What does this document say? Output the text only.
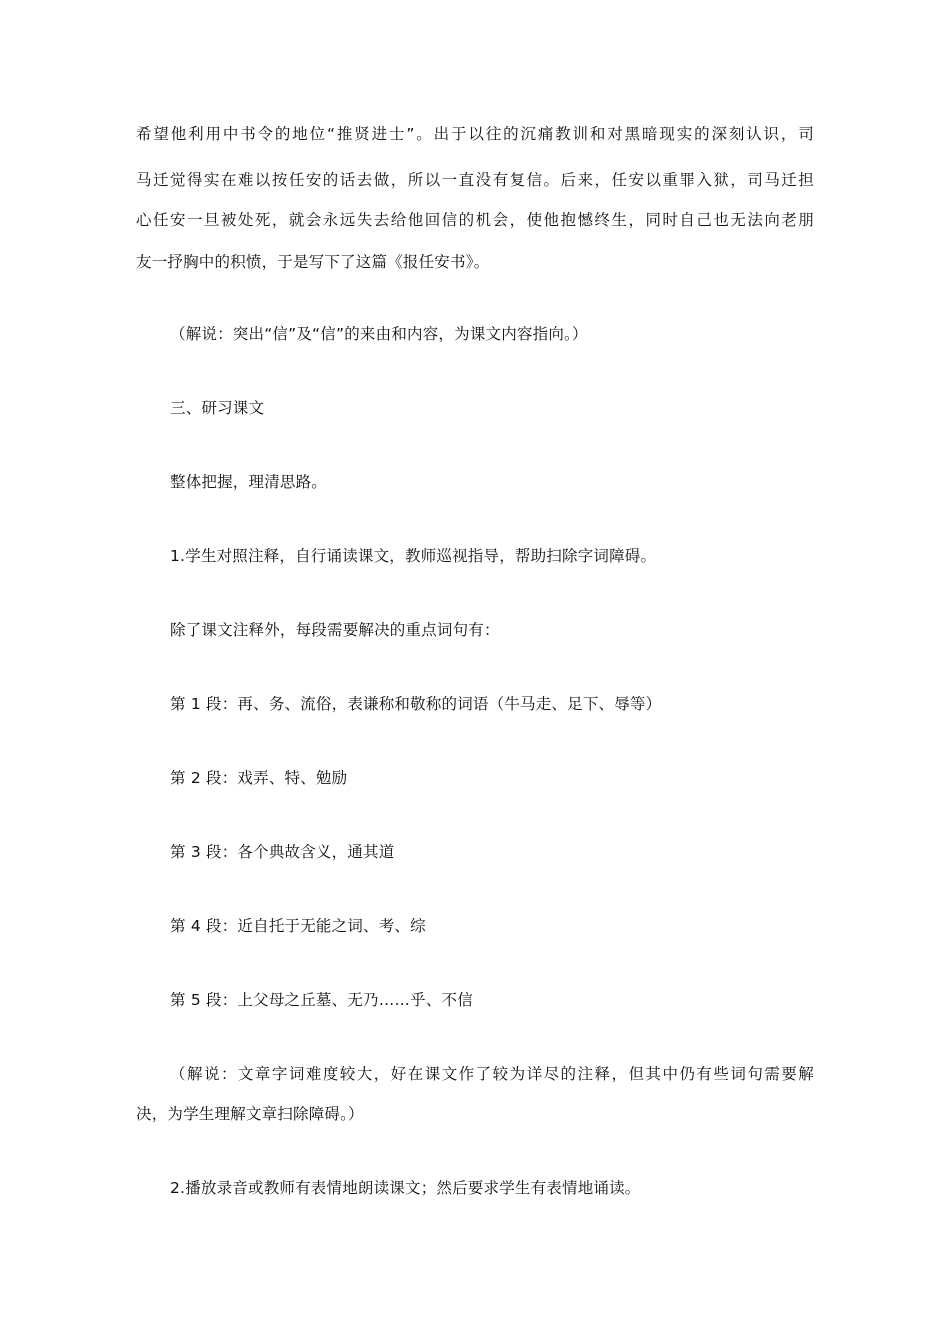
希望他利用中书令的地位“推贤进士”。出于以往的沉痛教训和对黑暗现实的深刻认识，司
马迁觉得实在难以按任安的话去做，所以一直没有复信。后来，任安以重罪入狱，司马迁担
心任安一旦被处死，就会永远失去给他回信的机会，使他抱憾终生，同时自己也无法向老朋
友一抒胸中的积愤，于是写下了这篇《报任安书》。
（解说：突出“信”及“信”的来由和内容，为课文内容指向。）
三、研习课文
整体把握，理清思路。
1.学生对照注释，自行诵读课文，教师巡视指导，帮助扫除字词障碍。
除了课文注释外，每段需要解决的重点词句有：
第 1 段：再、务、流俗，表谦称和敬称的词语（牛马走、足下、辱等）
第 2 段：戏弄、特、勉励
第 3 段：各个典故含义，通其道
第 4 段：近自托于无能之词、考、综
第 5 段：上父母之丘墓、无乃……乎、不信
（解说：文章字词难度较大，好在课文作了较为详尽的注释，但其中仍有些词句需要解
决，为学生理解文章扫除障碍。）
2.播放录音或教师有表情地朗读课文；然后要求学生有表情地诵读。
